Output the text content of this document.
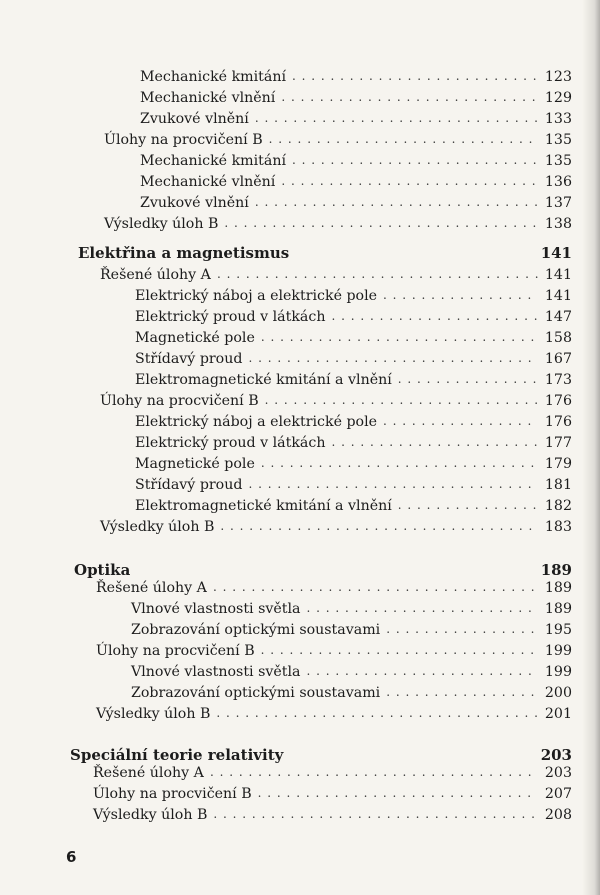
Mechanické kmitání . . .	123
Mechanické vlnění . . .	129
Zvukové vlnění . . .	133
Úlohy na procvičení B . . .	135
Mechanické kmitání . . .	135
Mechanické vlnění . . .	136
Zvukové vlnění . . .	137
Výsledky úloh B . . .	138
Elektřina a magnetismus	141
Řešené úlohy A . . .	141
Elektrický náboj a elektrické pole . . .	141
Elektrický proud v látkách . . .	147
Magnetické pole . . .	158
Střídavý proud . . .	167
Elektromagnetické kmitání a vlnění . . .	173
Úlohy na procvičení B . . .	176
Elektrický náboj a elektrické pole . . .	176
Elektrický proud v látkách . . .	177
Magnetické pole . . .	179
Střídavý proud . . .	181
Elektromagnetické kmitání a vlnění . . .	182
Výsledky úloh B . . .	183
Optika	189
Řešené úlohy A . . .	189
Vlnové vlastnosti světla . . .	189
Zobrazování optickými soustavami . . .	195
Úlohy na procvičení B . . .	199
Vlnové vlastnosti světla . . .	199
Zobrazování optickými soustavami . . .	200
Výsledky úloh B . . .	201
Speciální teorie relativity	203
Řešené úlohy A . . .	203
Úlohy na procvičení B . . .	207
Výsledky úloh B . . .	208
6
